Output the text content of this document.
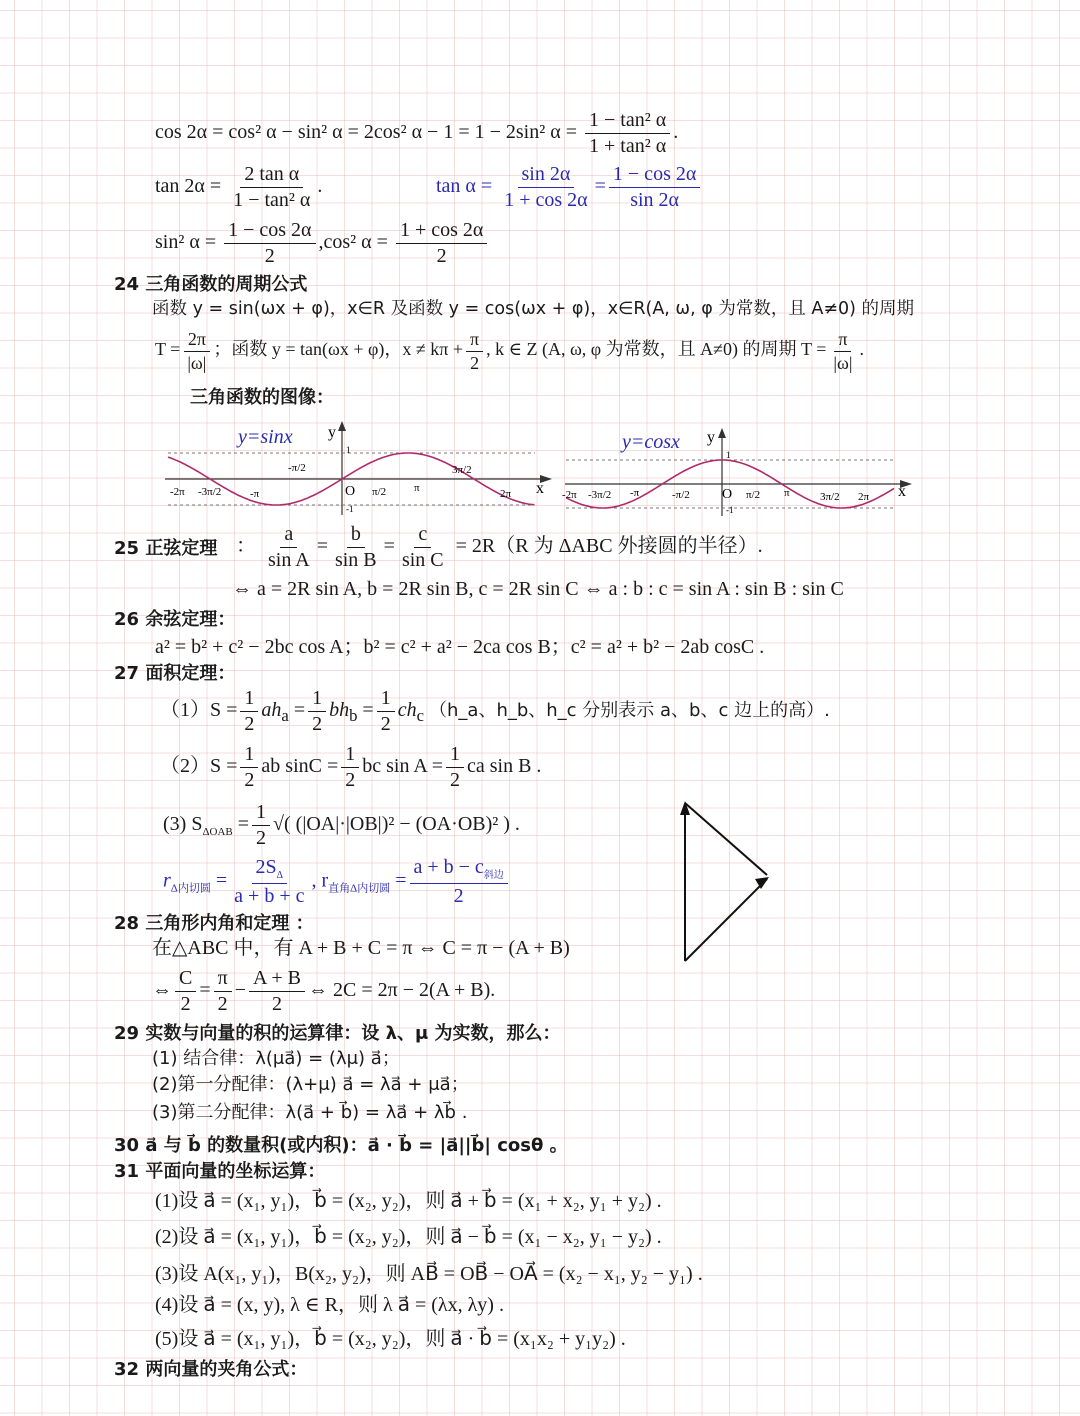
cos 2α = cos² α − sin² α = 2cos² α − 1 = 1 − 2sin² $\alpha = \frac{\text{1 − tan² α}}{\text{1 + tan² α}}$ .
$\tan 2\alpha = \frac{\text{2 tan α}}{\text{1 − tan² α}}$ .	$\tan \alpha = \frac{\sin 2\alpha}{1 + \cos 2\alpha} = \frac{1 - \cos 2\alpha}{\sin 2\alpha}$
sin² $\alpha = \frac{1 - \cos 2\alpha}{2} ,\cos^2$ $\alpha = \frac{1 + \cos 2\alpha}{2}$
24 三角函数的周期公式
函数 y = sin(ωx + φ)，x∈R 及函数 y = cos(ωx + φ)，x∈R(A, ω, φ 为常数，且 A≠0) 的周期
$T = \frac{2\pi}{|\omega|}$ ；函数 y = tan(ωx + φ)，$x \ne k\pi + \frac{\pi}{2}$ , k ∈ Z (A, ω, φ 为常数，且 A≠0) 的周期 $T = \frac{\pi}{|\omega|}$ .
三角函数的图像：
y=sinx y
x
O
1
-1
-2π -3π/2	-π
-π/2
π/2	π
3π/2
2π
y=cosx y
x
O
1
-1
-2π -3π/2 -π	-π/2	π/2 π	3π/2 2π
25 正弦定理 ： $\frac{a}{\text{sin A}} = \frac{b}{\text{sin B}} = \frac{c}{\text{sin C}} = 2R(R$ 为 ΔABC 外接圆的半径）.
⇔ a = 2R sin A, b = 2R sin B, c = 2R sin C ⇔ a : b : c = sin A : sin B : sin C
26 余弦定理：
a² = b² + c² − 2bc cos A；b² = c² + a² − 2ca cos B；c² = a² + b² − 2ab cosC .
27 面积定理：
$(1)S = \frac{1}{2} ah_a = \frac{1}{2} bh_b = \frac{1}{2} ch_c$ （h_a、h_b、h_c 分别表示 a、b、c 边上的高）.
$(2)S = \frac{1}{2}$ ab $\sin C = \frac{1}{2}$ bc $\sin A = \frac{1}{2}$ ca sin B .
(3) $S_{\Delta OAB} = \frac{1}{2}$ √( (|OA|·|OB|)² − (OA·OB)² ) .
$r_{\Delta 内切圆} = \frac{2S_\Delta}{a + b + c}$ , $r_{直角\Delta 内切圆} = \frac{a + b - c_{斜边}}{2}$
28 三角形内角和定理 ：
在△ABC 中，有 A + B + C = π ⇔ C = π − (A + B)
⇔ $\frac{C}{2} = \frac{\pi}{2} - \frac{A + B}{2}$ ⇔ 2C = 2π − 2(A + B).
29 实数与向量的积的运算律：设 λ、μ 为实数，那么：
(1) 结合律：λ(μa⃗) = (λμ) a⃗；
(2)第一分配律：(λ+μ) a⃗ = λa⃗ + μa⃗；
(3)第二分配律：λ(a⃗ + b⃗) = λa⃗ + λb⃗ .
30 a⃗ 与 b⃗ 的数量积(或内积)：a⃗ · b⃗ = |a⃗||b⃗| cosθ 。
31 平面向量的坐标运算：
(1)设 a⃗ = (x₁, y₁)，b⃗ = (x₂, y₂)，则 a⃗ + b⃗ = (x₁ + x₂, y₁ + y₂) .
(2)设 a⃗ = (x₁, y₁)，b⃗ = (x₂, y₂)，则 a⃗ − b⃗ = (x₁ − x₂, y₁ − y₂) .
(3)设 A(x₁, y₁)，B(x₂, y₂)，则 AB⃗ = OB⃗ − OA⃗ = (x₂ − x₁, y₂ − y₁) .
(4)设 a⃗ = (x, y), λ ∈ R，则 λ a⃗ = (λx, λy) .
(5)设 a⃗ = (x₁, y₁)，b⃗ = (x₂, y₂)，则 a⃗ · b⃗ = (x₁x₂ + y₁y₂) .
32 两向量的夹角公式：
